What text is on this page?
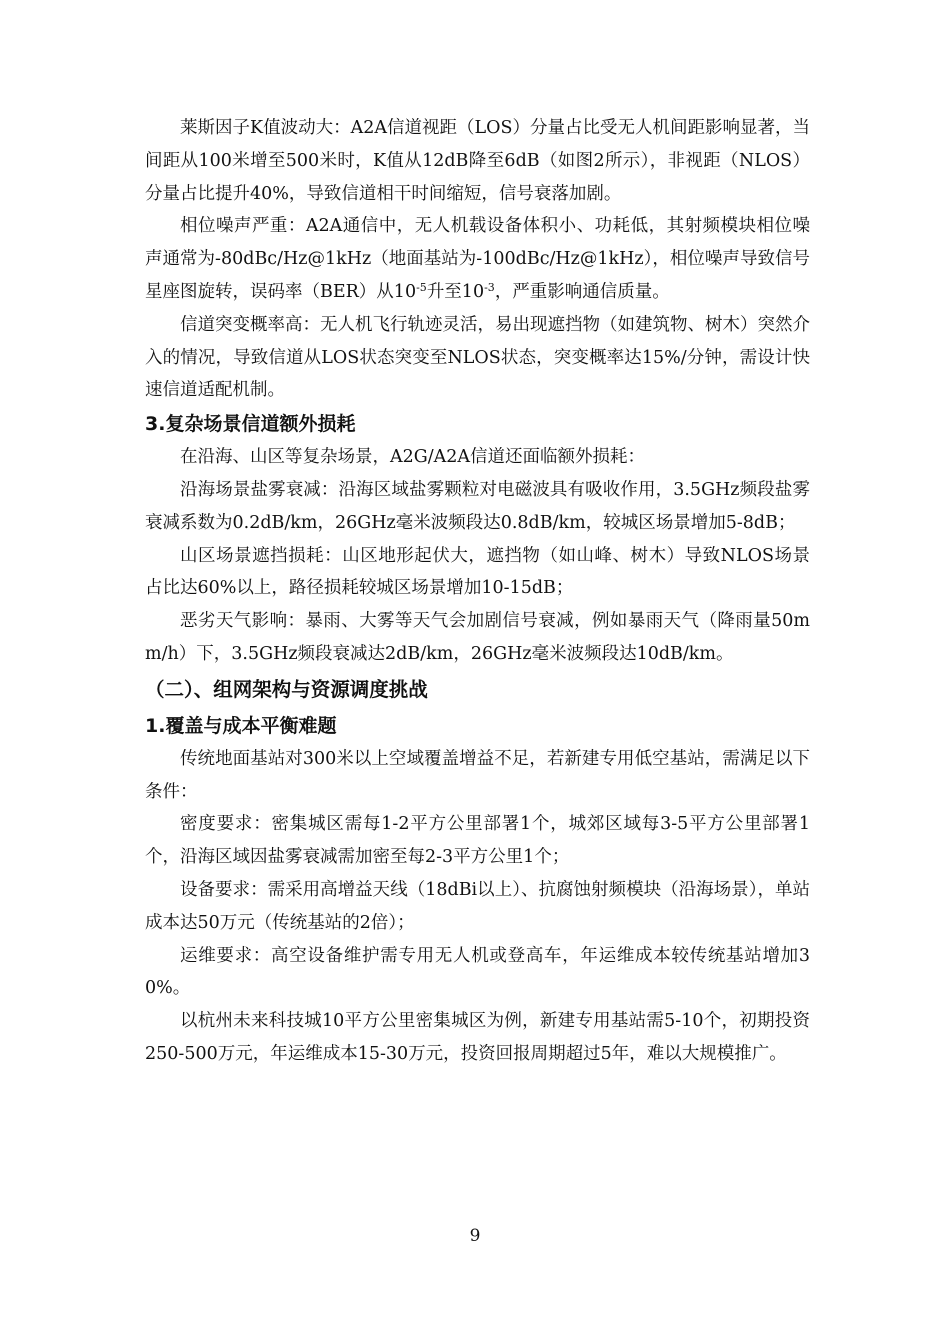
莱斯因子K值波动大：A2A信道视距（LOS）分量占比受无人机间距影响显著，当间距从100米增至500米时，K值从12dB降至6dB（如图2所示），非视距（NLOS）分量占比提升40%，导致信道相干时间缩短，信号衰落加剧。

相位噪声严重：A2A通信中，无人机载设备体积小、功耗低，其射频模块相位噪声通常为-80dBc/Hz@1kHz（地面基站为-100dBc/Hz@1kHz），相位噪声导致信号星座图旋转，误码率（BER）从$10^{-5}$升至$10^{-3}$，严重影响通信质量。

信道突变概率高：无人机飞行轨迹灵活，易出现遮挡物（如建筑物、树木）突然介入的情况，导致信道从LOS状态突变至NLOS状态，突变概率达15%/分钟，需设计快速信道适配机制。

3.复杂场景信道额外损耗

在沿海、山区等复杂场景，A2G/A2A信道还面临额外损耗：

沿海场景盐雾衰减：沿海区域盐雾颗粒对电磁波具有吸收作用，3.5GHz频段盐雾衰减系数为0.2dB/km，26GHz毫米波频段达0.8dB/km，较城区场景增加5-8dB；

山区场景遮挡损耗：山区地形起伏大，遮挡物（如山峰、树木）导致NLOS场景占比达60%以上，路径损耗较城区场景增加10-15dB；

恶劣天气影响：暴雨、大雾等天气会加剧信号衰减，例如暴雨天气（降雨量50mm/h）下，3.5GHz频段衰减达2dB/km，26GHz毫米波频段达10dB/km。

（二）、组网架构与资源调度挑战
1.覆盖与成本平衡难题

传统地面基站对300米以上空域覆盖增益不足，若新建专用低空基站，需满足以下条件：

密度要求：密集城区需每1-2平方公里部署1个，城郊区域每3-5平方公里部署1个，沿海区域因盐雾衰减需加密至每2-3平方公里1个；

设备要求：需采用高增益天线（18dBi以上）、抗腐蚀射频模块（沿海场景），单站成本达50万元（传统基站的2倍）；

运维要求：高空设备维护需专用无人机或登高车，年运维成本较传统基站增加30%。

以杭州未来科技城10平方公里密集城区为例，新建专用基站需5-10个，初期投资250-500万元，年运维成本15-30万元，投资回报周期超过5年，难以大规模推广。

9
